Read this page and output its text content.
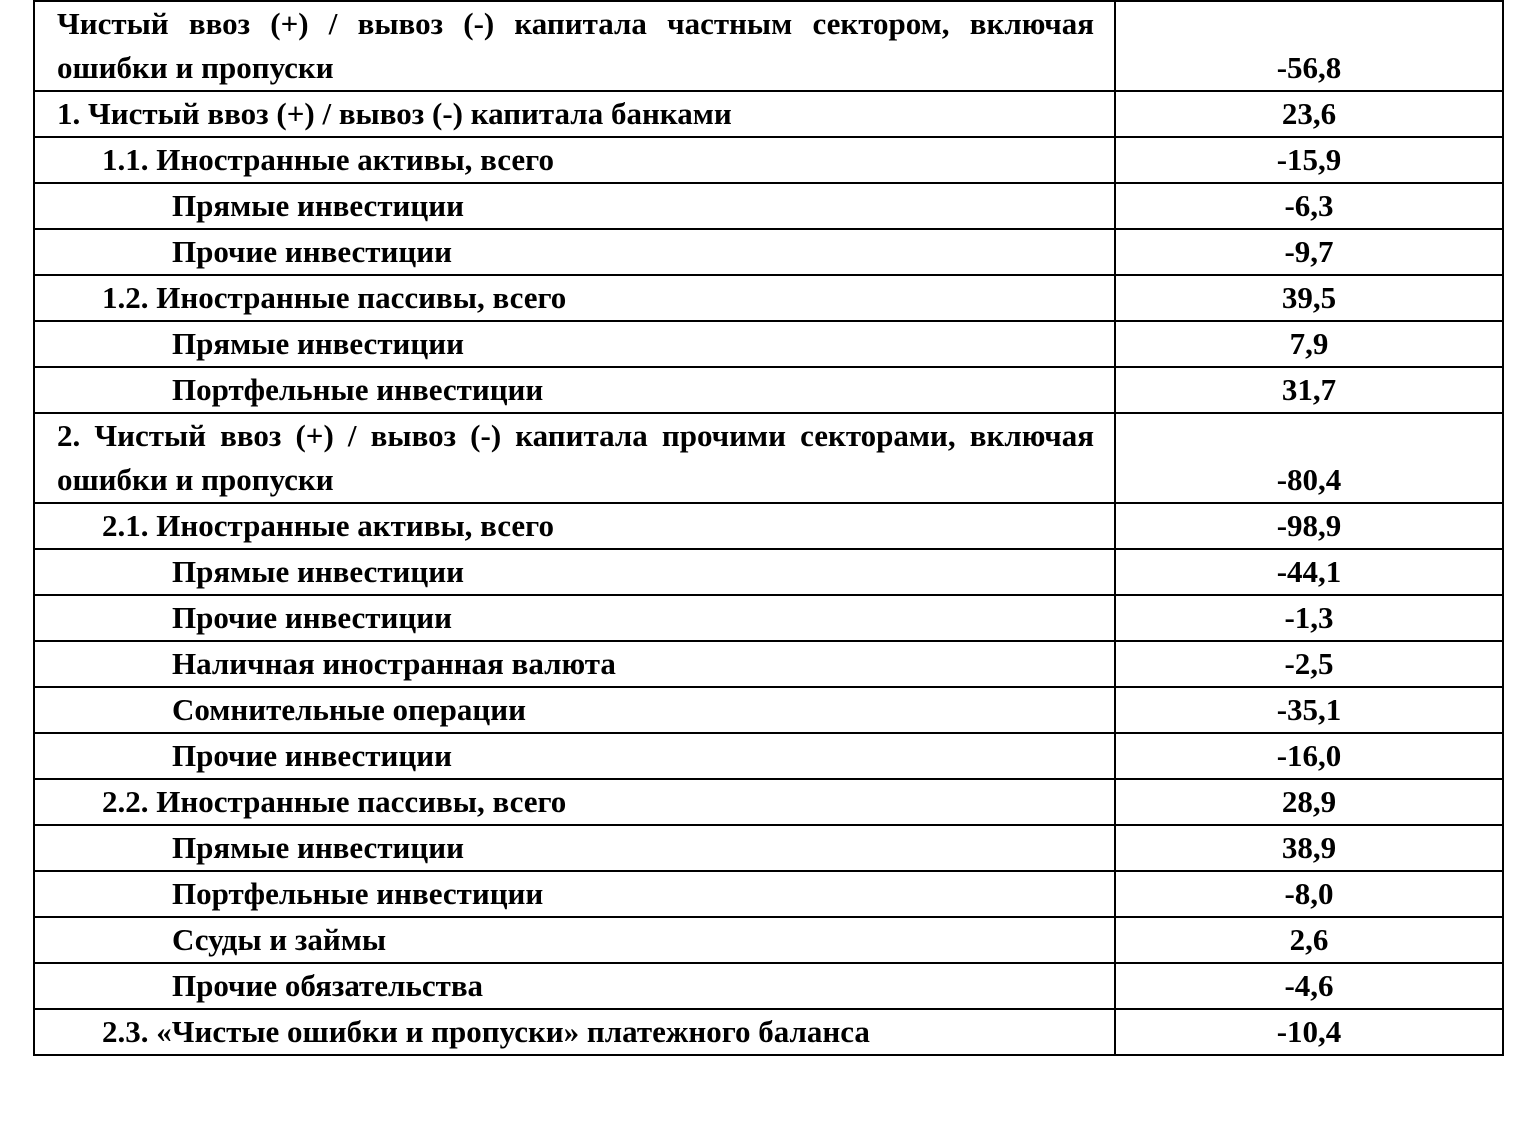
Чистый ввоз (+) / вывоз (-) капитала частным сектором, включая ошибки и пропуски	-56,8
1. Чистый ввоз (+) / вывоз (-) капитала банками	23,6
1.1. Иностранные активы, всего	-15,9
Прямые инвестиции	-6,3
Прочие инвестиции	-9,7
1.2. Иностранные пассивы, всего	39,5
Прямые инвестиции	7,9
Портфельные инвестиции	31,7
2. Чистый ввоз (+) / вывоз (-) капитала прочими секторами, включая ошибки и пропуски	-80,4
2.1. Иностранные активы, всего	-98,9
Прямые инвестиции	-44,1
Прочие инвестиции	-1,3
Наличная иностранная валюта	-2,5
Сомнительные операции	-35,1
Прочие инвестиции	-16,0
2.2. Иностранные пассивы, всего	28,9
Прямые инвестиции	38,9
Портфельные инвестиции	-8,0
Ссуды и займы	2,6
Прочие обязательства	-4,6
2.3. «Чистые ошибки и пропуски» платежного баланса	-10,4
